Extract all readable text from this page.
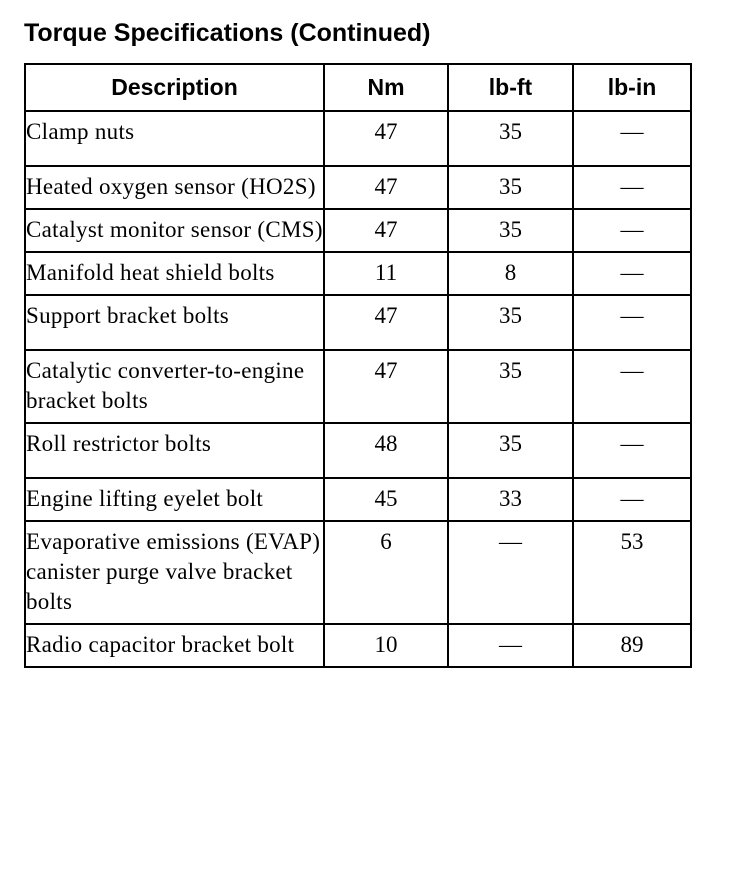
Torque Specifications (Continued)
Description	Nm	lb-ft	lb-in
Clamp nuts	47	35	—
Heated oxygen sensor (HO2S)	47	35	—
Catalyst monitor sensor (CMS)	47	35	—
Manifold heat shield bolts	11	8	—
Support bracket bolts	47	35	—
Catalytic converter-to-engine bracket bolts	47	35	—
Roll restrictor bolts	48	35	—
Engine lifting eyelet bolt	45	33	—
Evaporative emissions (EVAP) canister purge valve bracket bolts	6	—	53
Radio capacitor bracket bolt	10	—	89
